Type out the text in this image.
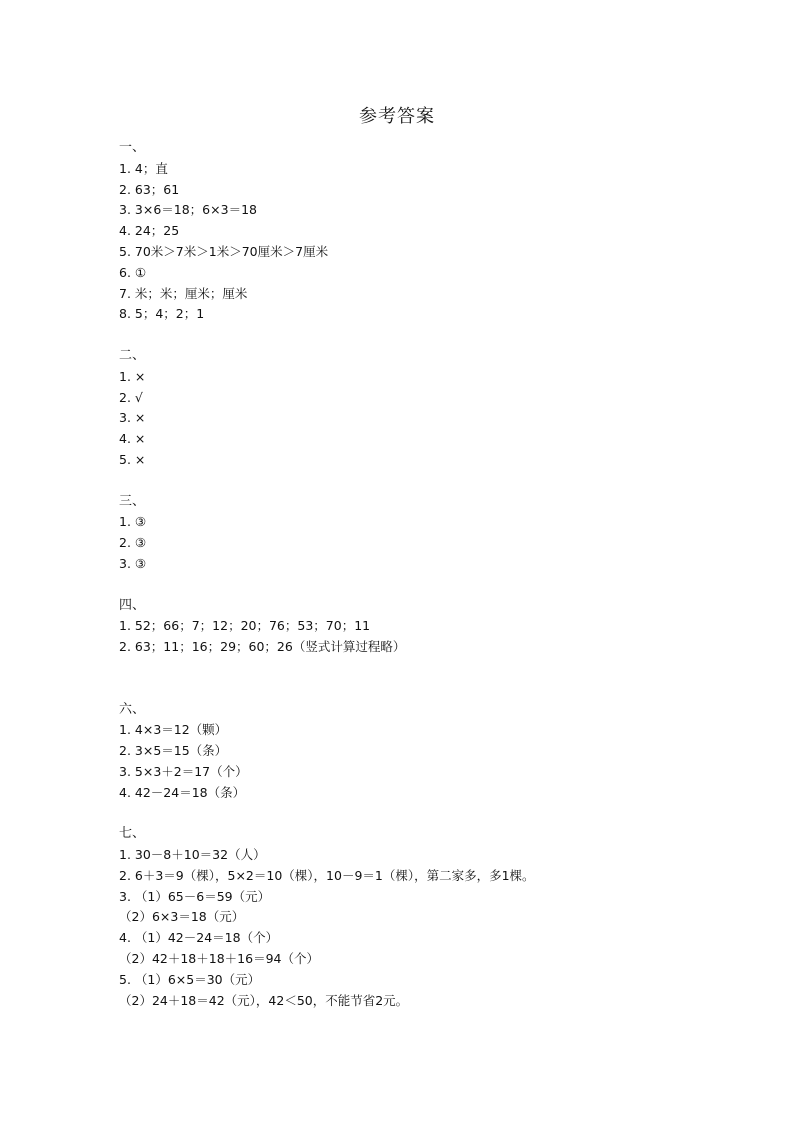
参考答案
一、
1. 4；直
2. 63；61
3. 3×6＝18；6×3＝18
4. 24；25
5. 70米＞7米＞1米＞70厘米＞7厘米
6. ①
7. 米；米；厘米；厘米
8. 5；4；2；1
二、
1. ×
2. √
3. ×
4. ×
5. ×
三、
1. ③
2. ③
3. ③
四、
1. 52；66；7；12；20；76；53；70；11
2. 63；11；16；29；60；26（竖式计算过程略）
六、
1. 4×3＝12（颗）
2. 3×5＝15（条）
3. 5×3＋2＝17（个）
4. 42－24＝18（条）
七、
1. 30－8＋10＝32（人）
2. 6＋3＝9（棵），5×2＝10（棵），10－9＝1（棵），第二家多，多1棵。
3. （1）65－6＝59（元）
（2）6×3＝18（元）
4. （1）42－24＝18（个）
（2）42＋18＋18＋16＝94（个）
5. （1）6×5＝30（元）
（2）24＋18＝42（元），42＜50，不能节省2元。
